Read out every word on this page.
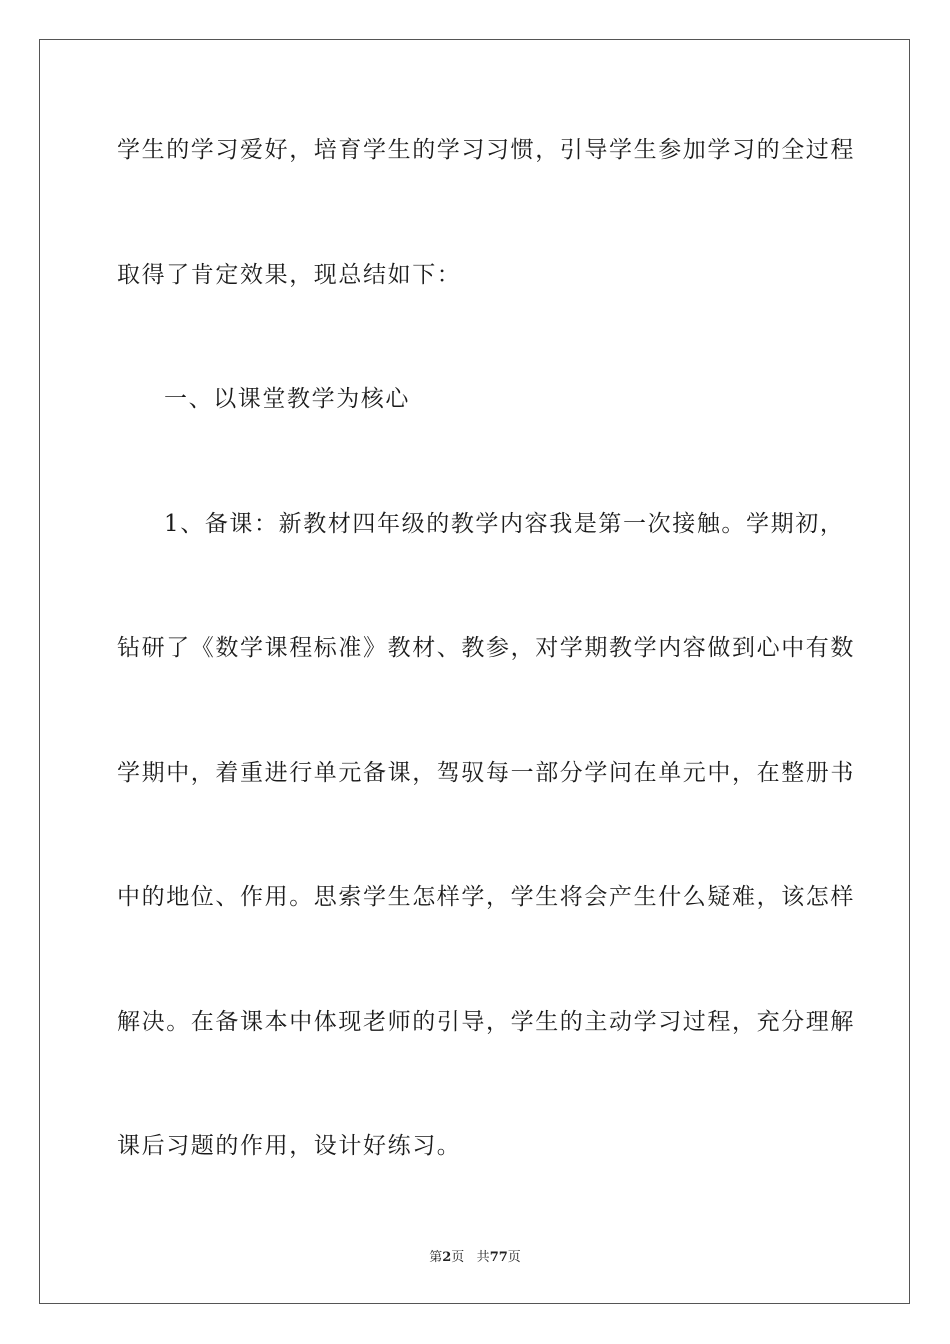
学生的学习爱好，培育学生的学习习惯，引导学生参加学习的全过程
取得了肯定效果，现总结如下：
一、以课堂教学为核心
1、备课：新教材四年级的教学内容我是第一次接触。学期初，
钻研了《数学课程标准》教材、教参，对学期教学内容做到心中有数
学期中，着重进行单元备课，驾驭每一部分学问在单元中，在整册书
中的地位、作用。思索学生怎样学，学生将会产生什么疑难，该怎样
解决。在备课本中体现老师的引导，学生的主动学习过程，充分理解
课后习题的作用，设计好练习。
第2页 共77页
